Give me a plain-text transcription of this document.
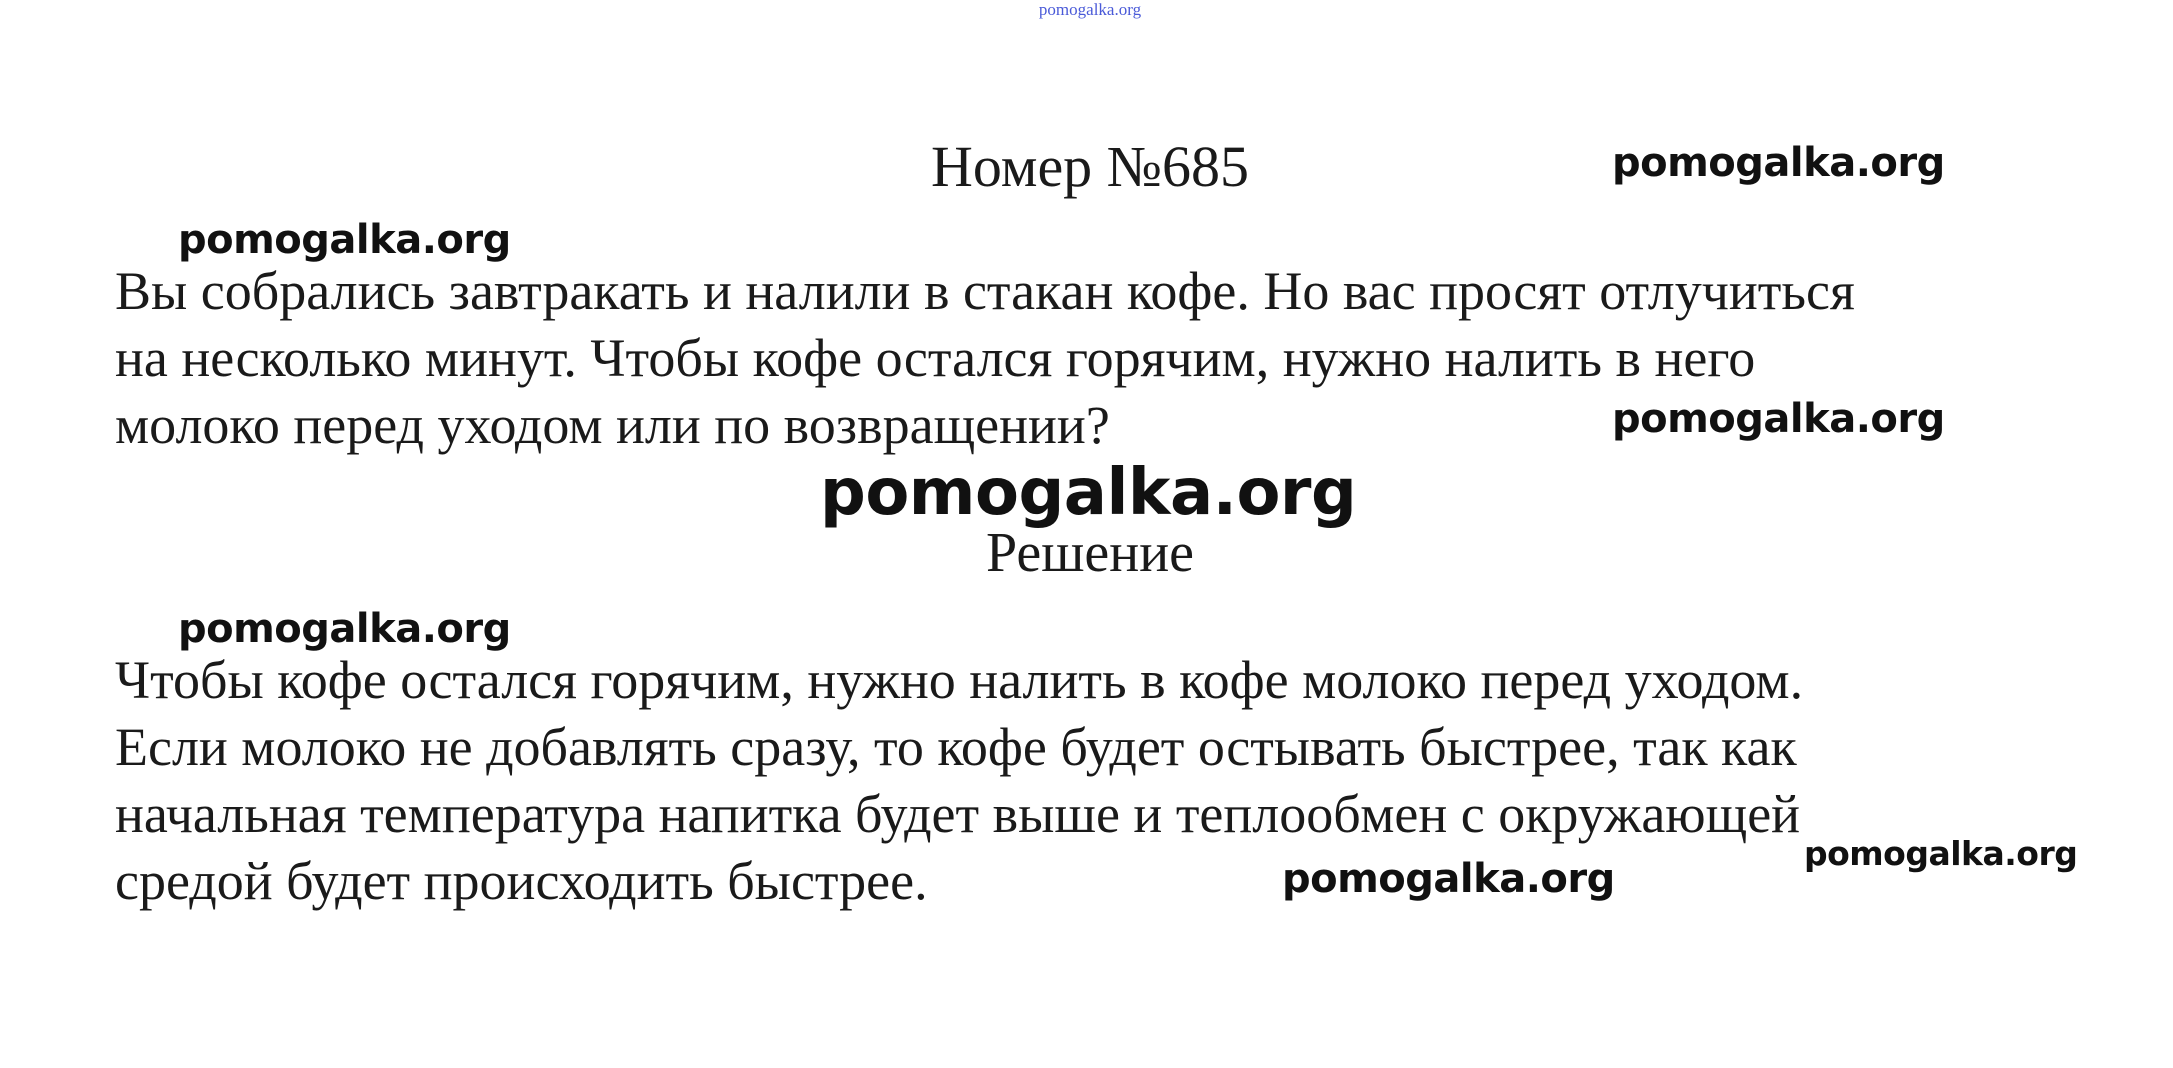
pomogalka.org
pomogalka.org
Номер №685
pomogalka.org

Вы собрались завтракать и налили в стакан кофе. Но вас просят отлучиться
на несколько минут. Чтобы кофе остался горячим, нужно налить в него
молоко перед уходом или по возвращении?	pomogalka.org
pomogalka.org
Решение
pomogalka.org

Чтобы кофе остался горячим, нужно налить в кофе молоко перед уходом.
Если молоко не добавлять сразу, то кофе будет остывать быстрее, так как
начальная температура напитка будет выше и теплообмен с окружающей
средой будет происходить быстрее.	pomogalka.org
pomogalka.org
